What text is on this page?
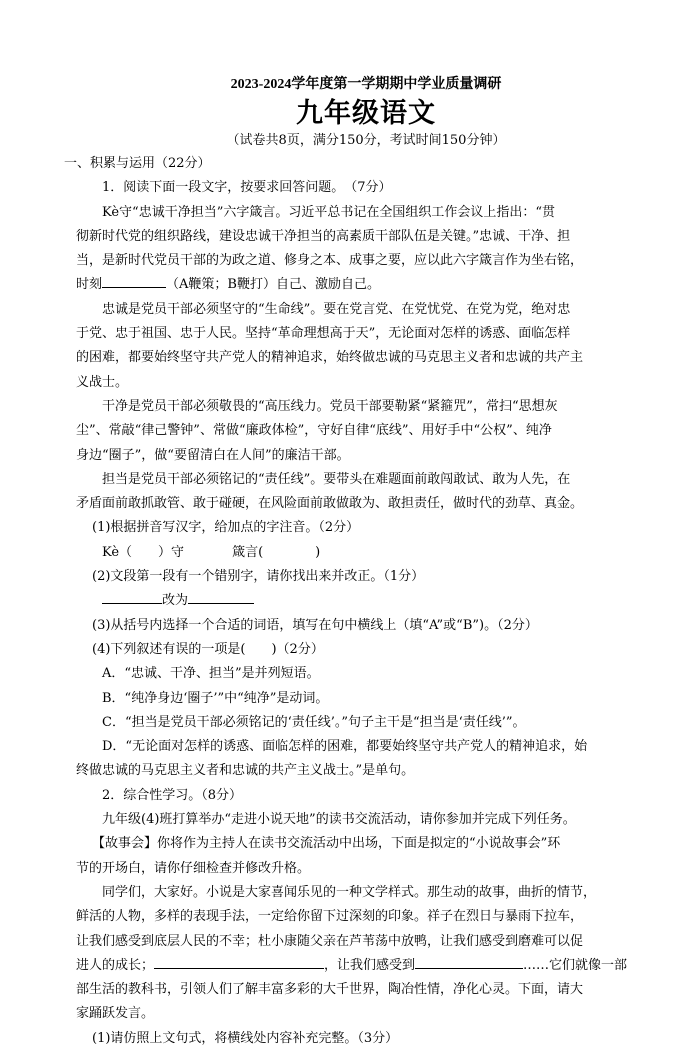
2023-2024学年度第一学期期中学业质量调研

九年级语文

（试卷共8页，满分150分，考试时间150分钟）

一、积累与运用（22分）

1．阅读下面一段文字，按要求回答问题。　（7分）

Kè守“忠诚干净担当”六字箴言。习近平总书记在全国组织工作会议上指出：“贯

彻新时代党的组织路线，建设忠诚干净担当的高素质干部队伍是关键。”忠诚、干净、担

当，是新时代党员干部的为政之道、修身之本、成事之要，应以此六字箴言作为坐右铭，

时刻	（A鞭策；B鞭打）自己、激励自己。

忠诚是党员干部必须坚守的“生命线”。要在党言党、在党忧党、在党为党，绝对忠

于党、忠于祖国、忠于人民。坚持“革命理想高于天”，无论面对怎样的诱惑、面临怎样

的困难，都要始终坚守共产党人的精神追求，始终做忠诚的马克思主义者和忠诚的共产主

义战士。

干净是党员干部必须敬畏的“高压线力。党员干部要勒紧“紧箍咒”，常扫“思想灰

尘”、常敲“律己警钟”、常做“廉政体检”，守好自律“底线”、用好手中“公权”、纯净

身边“圈子”，做“要留清白在人间”的廉洁干部。

担当是党员干部必须铭记的“责任线”。要带头在难题面前敢闯敢试、敢为人先，在

矛盾面前敢抓敢管、敢于碰硬，在风险面前敢做敢为、敢担责任，做时代的劲草、真金。

(1)根据拼音写汉字，给加点的字注音。（2分）

Kè（　　）守	箴言(　　　　)

(2)文段第一段有一个错别字，请你找出来并改正。（1分）

改为

(3)从括号内选择一个合适的词语，填写在句中横线上（填“A”或“B”)。（2分）

(4)下列叙述有误的一项是(　　)（2分）

A．“忠诚、干净、担当”是并列短语。

B．“纯净身边‘圈子’”中“纯净”是动词。

C．“担当是党员干部必须铭记的‘责任线’。”句子主干是“担当是‘责任线’”。

D．“无论面对怎样的诱惑、面临怎样的困难，都要始终坚守共产党人的精神追求，始

终做忠诚的马克思主义者和忠诚的共产主义战士。”是单句。

2．综合性学习。（8分）

九年级(4)班打算举办“走进小说天地”的读书交流活动，请你参加并完成下列任务。

【故事会】你将作为主持人在读书交流活动中出场，下面是拟定的“小说故事会”环

节的开场白，请你仔细检查并修改升格。

同学们，大家好。小说是大家喜闻乐见的一种文学样式。那生动的故事，曲折的情节，

鲜活的人物，多样的表现手法，一定给你留下过深刻的印象。祥子在烈日与暴雨下拉车，

让我们感受到底层人民的不幸；杜小康随父亲在芦苇荡中放鸭，让我们感受到磨难可以促

进人的成长；	，让我们感受到	……它们就像一部

部生活的教科书，引领人们了解丰富多彩的大千世界，陶冶性情，净化心灵。下面，请大

家踊跃发言。

(1)请仿照上文句式，将横线处内容补充完整。（3分）
